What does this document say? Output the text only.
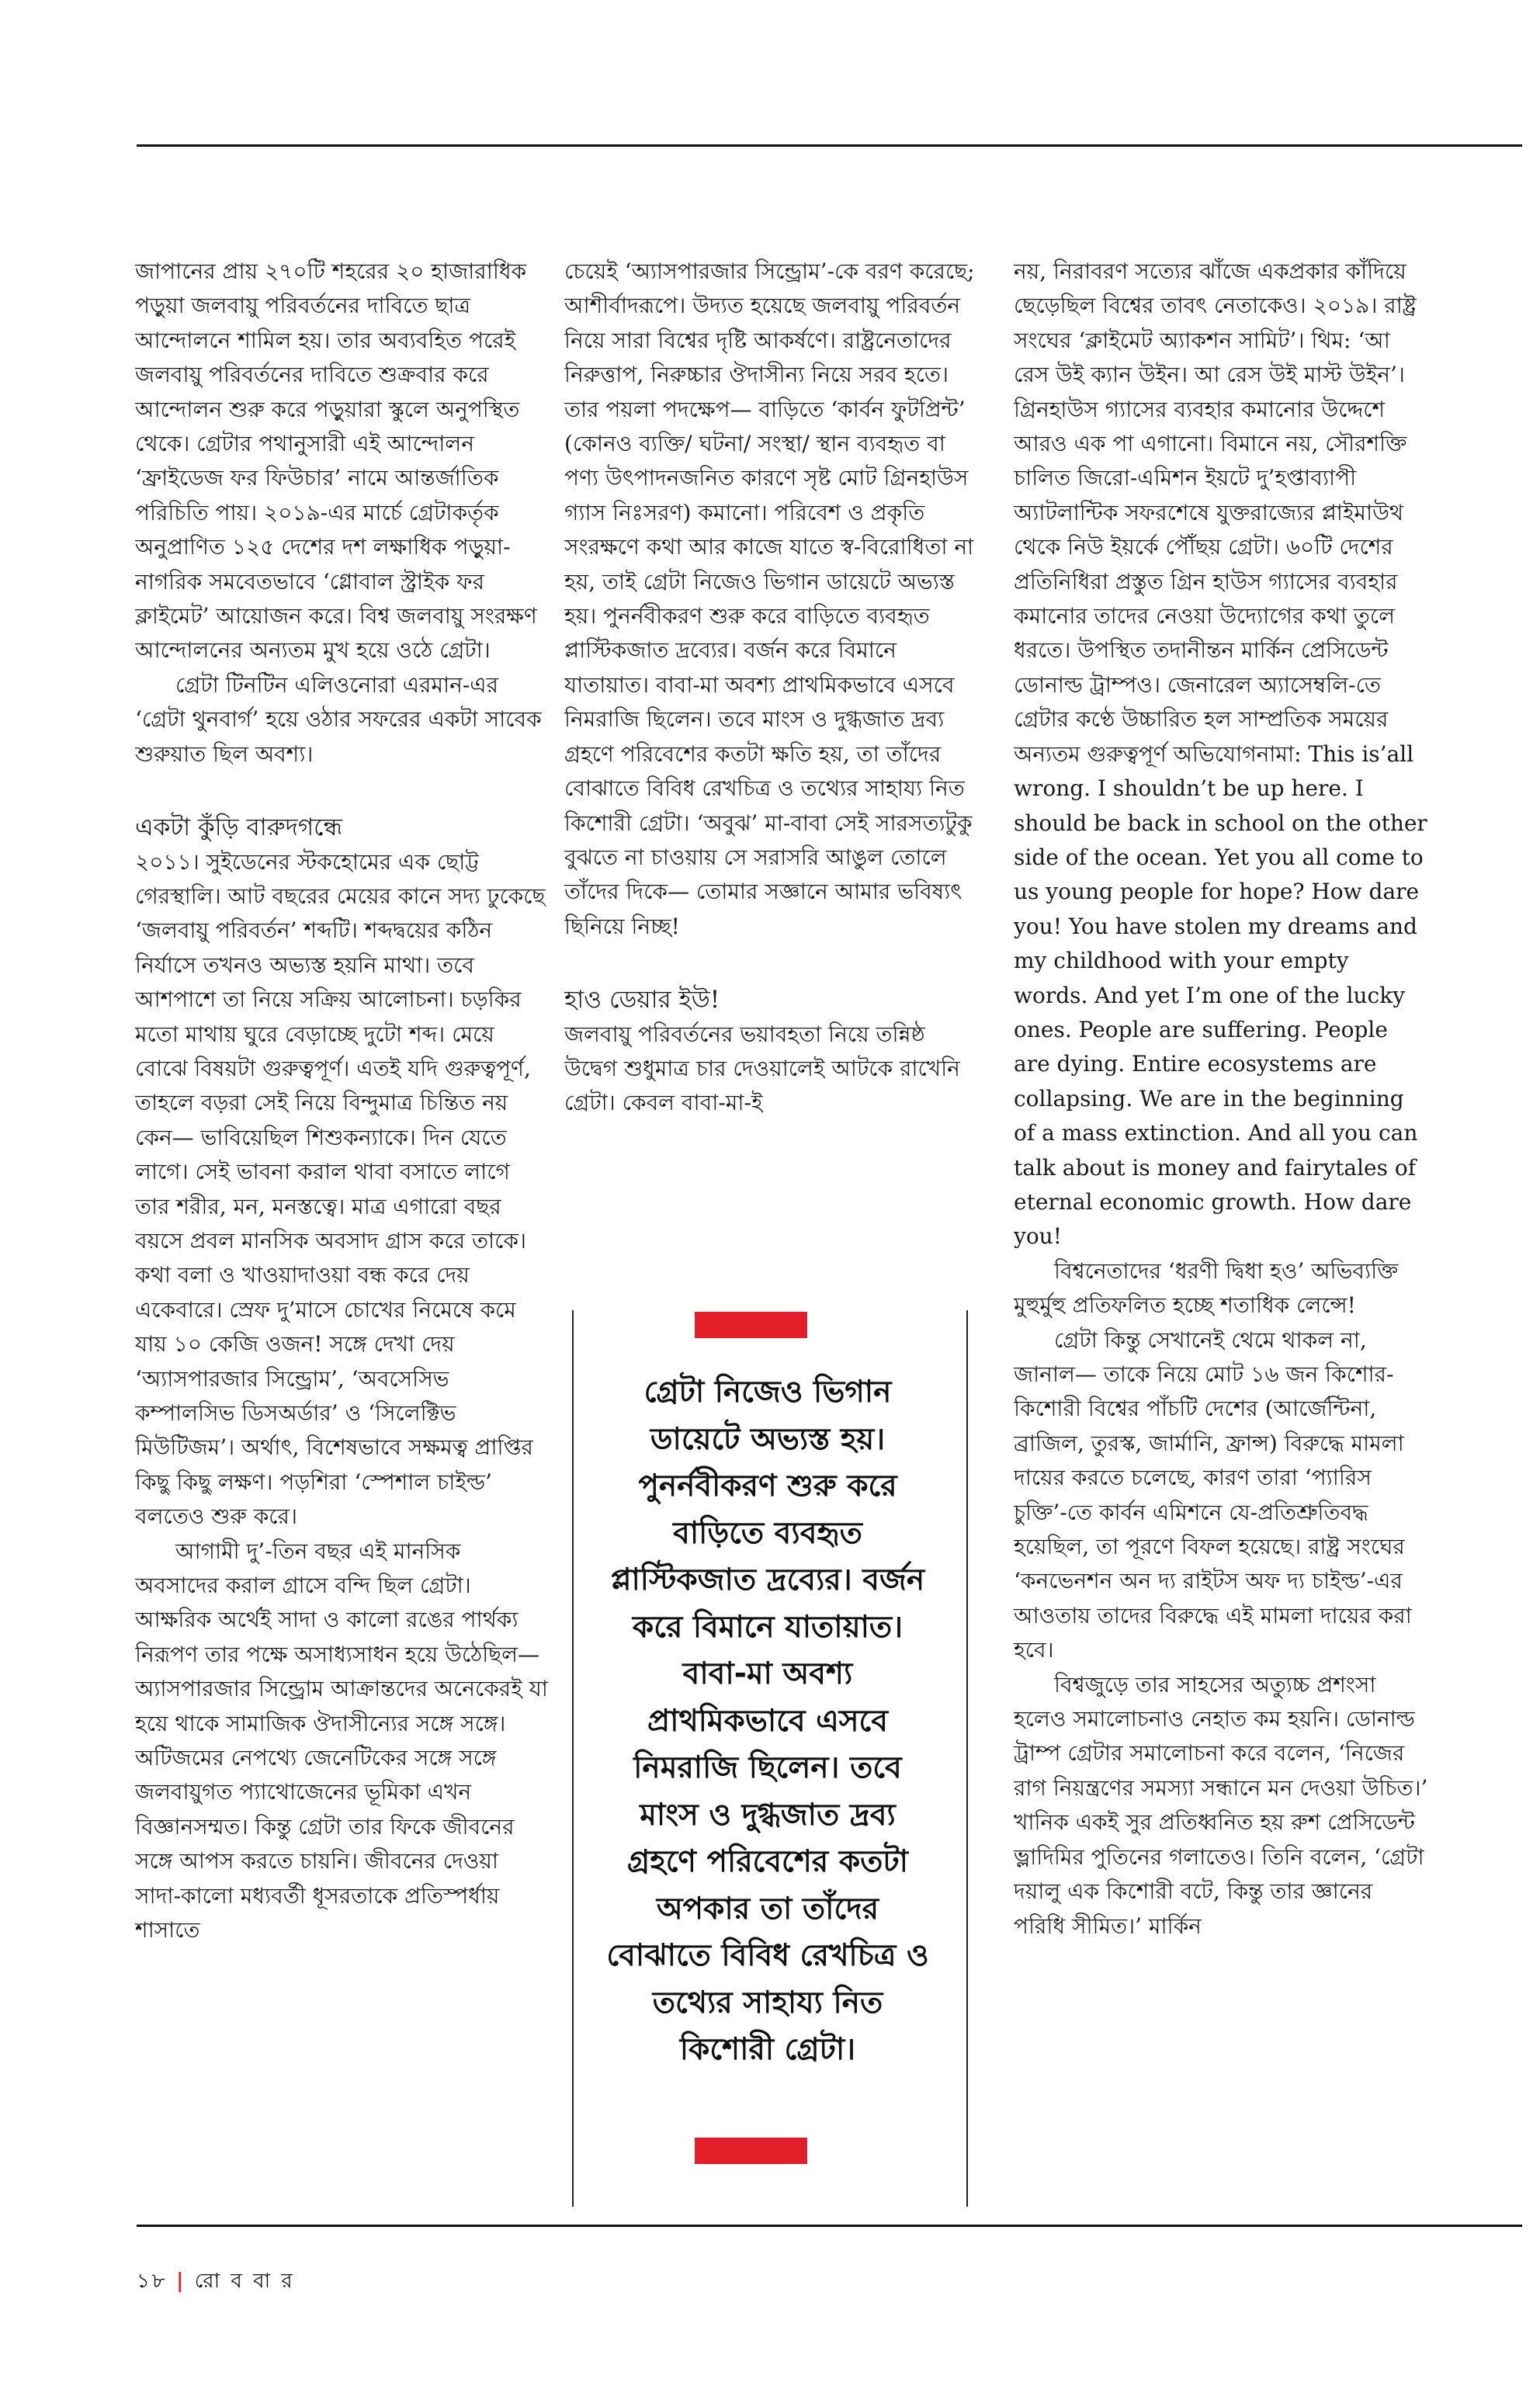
জাপানের প্রায় ২৭০টি শহরের ২০ হাজারাধিক পড়ুয়া জলবায়ু পরিবর্তনের দাবিতে ছাত্র আন্দোলনে শামিল হয়। তার অব্যবহিত পরেই জলবায়ু পরিবর্তনের দাবিতে শুক্রবার করে আন্দোলন শুরু করে পড়ুয়ারা স্কুলে অনুপস্থিত থেকে। গ্রেটার পথানুসারী এই আন্দোলন ‘ফ্রাইডেজ ফর ফিউচার’ নামে আন্তর্জাতিক পরিচিতি পায়। ২০১৯-এর মার্চে গ্রেটাকর্তৃক অনুপ্রাণিত ১২৫ দেশের দশ লক্ষাধিক পড়ুয়া-নাগরিক সমবেতভাবে ‘গ্লোবাল স্ট্রাইক ফর ক্লাইমেট’ আয়োজন করে। বিশ্ব জলবায়ু সংরক্ষণ আন্দোলনের অন্যতম মুখ হয়ে ওঠে গ্রেটা।

গ্রেটা টিনটিন এলিওনোরা এরমান-এর ‘গ্রেটা থুনবার্গ’ হয়ে ওঠার সফরের একটা সাবেক শুরুয়াত ছিল অবশ্য।

একটা কুঁড়ি বারুদগন্ধে

২০১১। সুইডেনের স্টকহোমের এক ছোট্ট গেরস্থালি। আট বছরের মেয়ের কানে সদ্য ঢুকেছে ‘জলবায়ু পরিবর্তন’ শব্দটি। শব্দদ্বয়ের কঠিন নির্যাসে তখনও অভ্যস্ত হয়নি মাথা। তবে আশপাশে তা নিয়ে সক্রিয় আলোচনা। চড়কির মতো মাথায় ঘুরে বেড়াচ্ছে দুটো শব্দ। মেয়ে বোঝে বিষয়টা গুরুত্বপূর্ণ। এতই যদি গুরুত্বপূর্ণ, তাহলে বড়রা সেই নিয়ে বিন্দুমাত্র চিন্তিত নয় কেন— ভাবিয়েছিল শিশুকন্যাকে। দিন যেতে লাগে। সেই ভাবনা করাল থাবা বসাতে লাগে তার শরীর, মন, মনস্তত্বে। মাত্র এগারো বছর বয়সে প্রবল মানসিক অবসাদ গ্রাস করে তাকে। কথা বলা ও খাওয়াদাওয়া বন্ধ করে দেয় একেবারে। স্রেফ দু’মাসে চোখের নিমেষে কমে যায় ১০ কেজি ওজন! সঙ্গে দেখা দেয় ‘অ্যাসপারজার সিন্ড্রোম’, ‘অবসেসিভ কম্পালসিভ ডিসঅর্ডার’ ও ‘সিলেক্টিভ মিউটিজম’। অর্থাৎ, বিশেষভাবে সক্ষমত্ব প্রাপ্তির কিছু কিছু লক্ষণ। পড়শিরা ‘স্পেশাল চাইল্ড’ বলতেও শুরু করে।

আগামী দু’-তিন বছর এই মানসিক অবসাদের করাল গ্রাসে বন্দি ছিল গ্রেটা। আক্ষরিক অর্থেই সাদা ও কালো রঙের পার্থক্য নিরূপণ তার পক্ষে অসাধ্যসাধন হয়ে উঠেছিল— অ্যাসপারজার সিন্ড্রোম আক্রান্তদের অনেকেরই যা হয়ে থাকে সামাজিক ঔদাসীন্যের সঙ্গে সঙ্গে। অটিজমের নেপথ্যে জেনেটিকের সঙ্গে সঙ্গে জলবায়ুগত প্যাথোজেনের ভূমিকা এখন বিজ্ঞানসম্মত। কিন্তু গ্রেটা তার ফিকে জীবনের সঙ্গে আপস করতে চায়নি। জীবনের দেওয়া সাদা-কালো মধ্যবর্তী ধূসরতাকে প্রতিস্পর্ধায় শাসাতে

চেয়েই ‘অ্যাসপারজার সিন্ড্রোম’-কে বরণ করেছে; আশীর্বাদরূপে। উদ্যত হয়েছে জলবায়ু পরিবর্তন নিয়ে সারা বিশ্বের দৃষ্টি আকর্ষণে। রাষ্ট্রনেতাদের নিরুত্তাপ, নিরুচ্চার ঔদাসীন্য নিয়ে সরব হতে। তার পয়লা পদক্ষেপ— বাড়িতে ‘কার্বন ফুটপ্রিন্ট’ (কোনও ব্যক্তি/ ঘটনা/ সংস্থা/ স্থান ব্যবহৃত বা পণ্য উৎপাদনজনিত কারণে সৃষ্ট মোট গ্রিনহাউস গ্যাস নিঃসরণ) কমানো। পরিবেশ ও প্রকৃতি সংরক্ষণে কথা আর কাজে যাতে স্ব-বিরোধিতা না হয়, তাই গ্রেটা নিজেও ভিগান ডায়েটে অভ্যস্ত হয়। পুনর্নবীকরণ শুরু করে বাড়িতে ব্যবহৃত প্লাস্টিকজাত দ্রব্যের। বর্জন করে বিমানে যাতায়াত। বাবা-মা অবশ্য প্রাথমিকভাবে এসবে নিমরাজি ছিলেন। তবে মাংস ও দুগ্ধজাত দ্রব্য গ্রহণে পরিবেশের কতটা ক্ষতি হয়, তা তাঁদের বোঝাতে বিবিধ রেখচিত্র ও তথ্যের সাহায্য নিত কিশোরী গ্রেটা। ‘অবুঝ’ মা-বাবা সেই সারসত্যটুকু বুঝতে না চাওয়ায় সে সরাসরি আঙুল তোলে তাঁদের দিকে— তোমার সজ্ঞানে আমার ভবিষ্যৎ ছিনিয়ে নিচ্ছ!

হাও ডেয়ার ইউ!

জলবায়ু পরিবর্তনের ভয়াবহতা নিয়ে তন্নিষ্ঠ উদ্বেগ শুধুমাত্র চার দেওয়ালেই আটকে রাখেনি গ্রেটা। কেবল বাবা-মা-ই

গ্রেটা নিজেও ভিগান ডায়েটে অভ্যস্ত হয়। পুনর্নবীকরণ শুরু করে বাড়িতে ব্যবহৃত প্লাস্টিকজাত দ্রব্যের। বর্জন করে বিমানে যাতায়াত। বাবা-মা অবশ্য প্রাথমিকভাবে এসবে নিমরাজি ছিলেন। তবে মাংস ও দুগ্ধজাত দ্রব্য গ্রহণে পরিবেশের কতটা অপকার তা তাঁদের বোঝাতে বিবিধ রেখচিত্র ও তথ্যের সাহায্য নিত কিশোরী গ্রেটা।

নয়, নিরাবরণ সত্যের ঝাঁজে একপ্রকার কাঁদিয়ে ছেড়েছিল বিশ্বের তাবৎ নেতাকেও। ২০১৯। রাষ্ট্র সংঘের ‘ক্লাইমেট অ্যাকশন সামিট’। থিম: ‘আ রেস উই ক্যান উইন। আ রেস উই মাস্ট উইন’। গ্রিনহাউস গ্যাসের ব্যবহার কমানোর উদ্দেশে আরও এক পা এগানো। বিমানে নয়, সৌরশক্তি চালিত জিরো-এমিশন ইয়টে দু’হপ্তাব্যাপী অ্যাটলান্টিক সফরশেষে যুক্তরাজ্যের প্লাইমাউথ থেকে নিউ ইয়র্কে পৌঁছয় গ্রেটা। ৬০টি দেশের প্রতিনিধিরা প্রস্তুত গ্রিন হাউস গ্যাসের ব্যবহার কমানোর তাদের নেওয়া উদ্যোগের কথা তুলে ধরতে। উপস্থিত তদানীন্তন মার্কিন প্রেসিডেন্ট ডোনাল্ড ট্রাম্পও। জেনারেল অ্যাসেম্বলি-তে গ্রেটার কণ্ঠে উচ্চারিত হল সাম্প্রতিক সময়ের অন্যতম গুরুত্বপূর্ণ অভিযোগনামা: This is’all wrong. I shouldn’t be up here. I should be back in school on the other side of the ocean. Yet you all come to us young people for hope? How dare you! You have stolen my dreams and my childhood with your empty words. And yet I’m one of the lucky ones. People are suffering. People are dying. Entire ecosystems are collapsing. We are in the beginning of a mass extinction. And all you can talk about is money and fairytales of eternal economic growth. How dare you!

বিশ্বনেতাদের ‘ধরণী দ্বিধা হও’ অভিব্যক্তি মুহুর্মুহু প্রতিফলিত হচ্ছে শতাধিক লেন্সে!

গ্রেটা কিন্তু সেখানেই থেমে থাকল না, জানাল— তাকে নিয়ে মোট ১৬ জন কিশোর-কিশোরী বিশ্বের পাঁচটি দেশের (আর্জেন্টিনা, ব্রাজিল, তুরস্ক, জার্মানি, ফ্রান্স) বিরুদ্ধে মামলা দায়ের করতে চলেছে, কারণ তারা ‘প্যারিস চুক্তি’-তে কার্বন এমিশনে যে-প্রতিশ্রুতিবদ্ধ হয়েছিল, তা পূরণে বিফল হয়েছে। রাষ্ট্র সংঘের ‘কনভেনশন অন দ্য রাইটস অফ দ্য চাইল্ড’-এর আওতায় তাদের বিরুদ্ধে এই মামলা দায়ের করা হবে।

বিশ্বজুড়ে তার সাহসের অত্যুচ্চ প্রশংসা হলেও সমালোচনাও নেহাত কম হয়নি। ডোনাল্ড ট্রাম্প গ্রেটার সমালোচনা করে বলেন, ‘নিজের রাগ নিয়ন্ত্রণের সমস্যা সন্ধানে মন দেওয়া উচিত।’ খানিক একই সুর প্রতিধ্বনিত হয় রুশ প্রেসিডেন্ট ভ্লাদিমির পুতিনের গলাতেও। তিনি বলেন, ‘গ্রেটা দয়ালু এক কিশোরী বটে, কিন্তু তার জ্ঞানের পরিধি সীমিত।’ মার্কিন

১৮ | রো ব বা র
